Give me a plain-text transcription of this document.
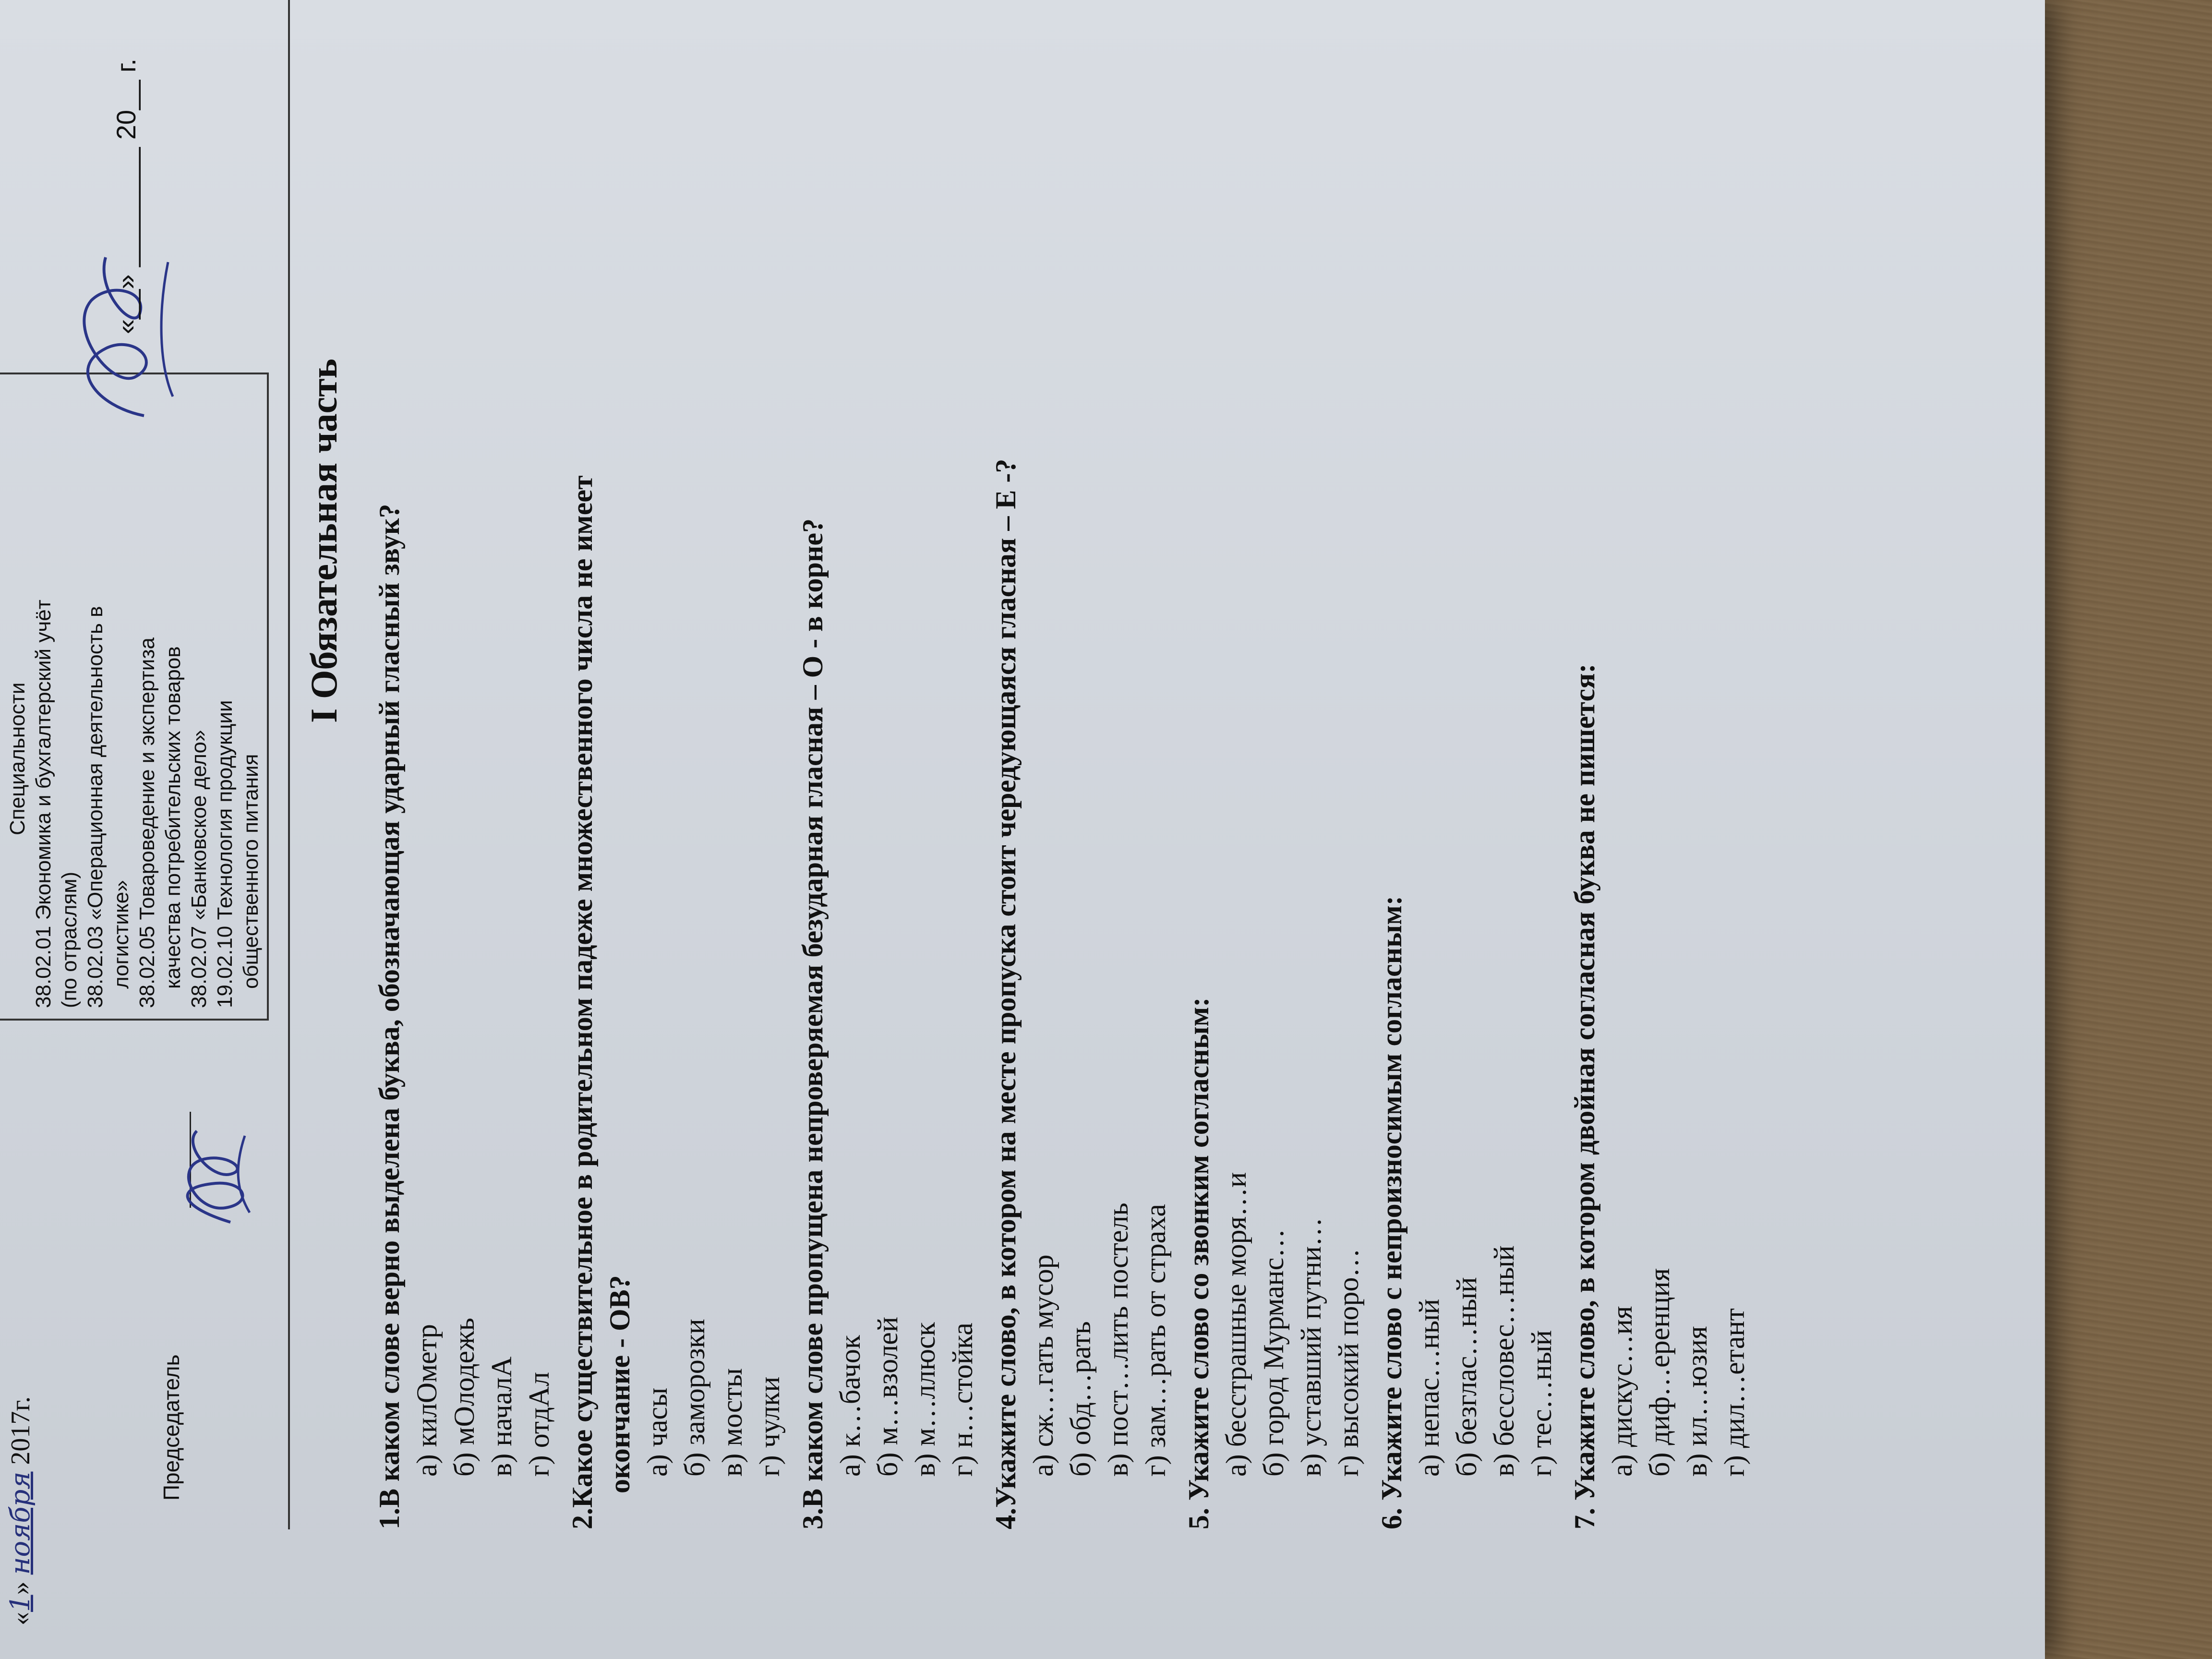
«1» ноября 2017г.	Председатель
Специальности 38.02.01 Экономика и бухгалтерский учёт (по отраслям) 38.02.03 «Операционная деятельность в логистике» 38.02.05 Товароведение и экспертиза качества потребительских товаров 38.02.07 «Банковское дело» 19.02.10 Технология продукции общественного питания
«__» ________ 20__ г.
I Обязательная часть 1.В каком слове верно выделена буква, обозначающая ударный гласный звук? а) килОметр б) мОлодежь в) началА г) отдАл 2.Какое существительное в родительном падеже множественного числа не имеет окончание - ОВ? а) часы б) заморозки в) мосты г) чулки 3.В каком слове пропущена непроверяемая безударная гласная – О - в корне? а) к…бачок б) м…взолей в) м…ллюск г) н…стойка 4.Укажите слово, в котором на месте пропуска стоит чередующаяся гласная – Е -? а) сж…гать мусор б) обд…рать в) пост…лить постель г) зам…рать от страха 5. Укажите слово со звонким согласным: а) бесстрашные моря…и б) город Мурманс… в) уставший путни… г) высокий поро… 6. Укажите слово с непроизносимым согласным: а) непас…ный б) безглас…ный в) бессловес…ный г) тес…ный 7. Укажите слово, в котором двойная согласная буква не пишется: а) дискус…ия б) диф…еренция в) ил…юзия г) дил…етант
